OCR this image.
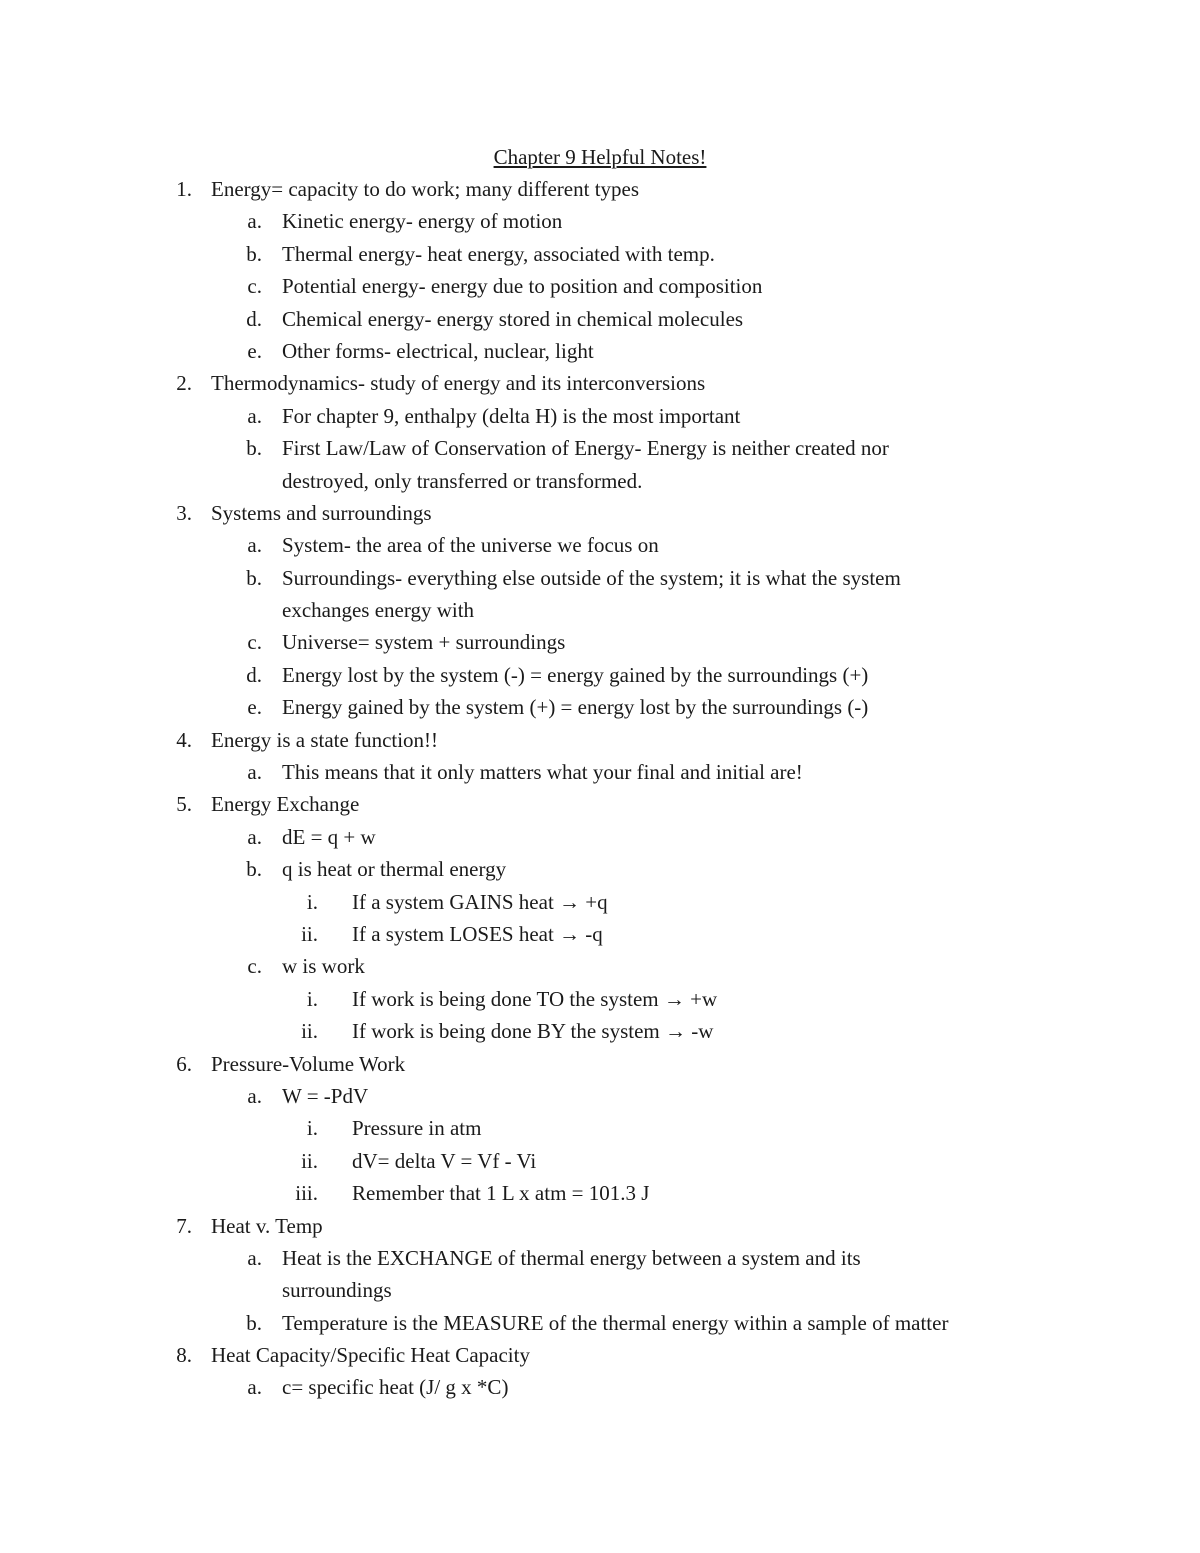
Chapter 9 Helpful Notes!
1. Energy= capacity to do work; many different types
a. Kinetic energy- energy of motion
b. Thermal energy- heat energy, associated with temp.
c. Potential energy- energy due to position and composition
d. Chemical energy- energy stored in chemical molecules
e. Other forms- electrical, nuclear, light
2. Thermodynamics- study of energy and its interconversions
a. For chapter 9, enthalpy (delta H) is the most important
b. First Law/Law of Conservation of Energy- Energy is neither created nor
destroyed, only transferred or transformed.
3. Systems and surroundings
a. System- the area of the universe we focus on
b. Surroundings- everything else outside of the system; it is what the system
exchanges energy with
c. Universe= system + surroundings
d. Energy lost by the system (-) = energy gained by the surroundings (+)
e. Energy gained by the system (+) = energy lost by the surroundings (-)
4. Energy is a state function!!
a. This means that it only matters what your final and initial are!
5. Energy Exchange
a. dE = q + w
b. q is heat or thermal energy
i. If a system GAINS heat → +q
ii. If a system LOSES heat → -q
c. w is work
i. If work is being done TO the system → +w
ii. If work is being done BY the system → -w
6. Pressure-Volume Work
a. W = -PdV
i. Pressure in atm
ii. dV= delta V = Vf - Vi
iii. Remember that 1 L x atm = 101.3 J
7. Heat v. Temp
a. Heat is the EXCHANGE of thermal energy between a system and its
surroundings
b. Temperature is the MEASURE of the thermal energy within a sample of matter
8. Heat Capacity/Specific Heat Capacity
a. c= specific heat (J/ g x *C)
